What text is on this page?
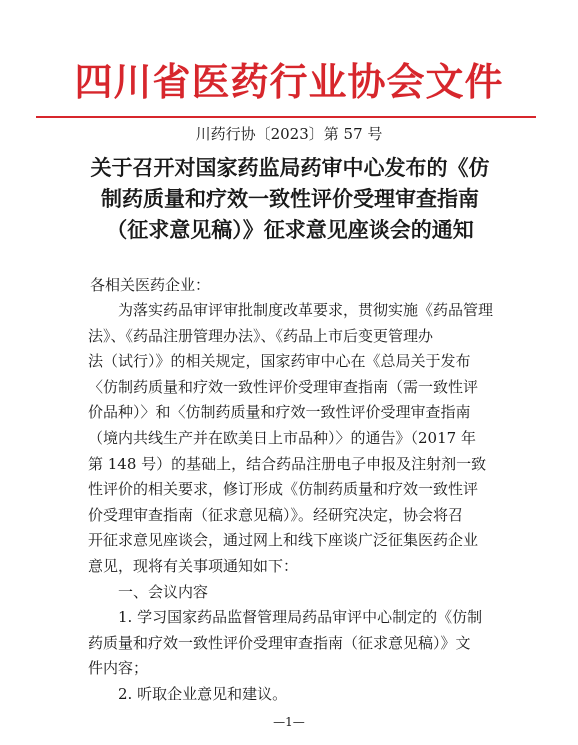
四川省医药行业协会文件
川药行协〔2023〕第 57 号
关于召开对国家药监局药审中心发布的《仿
制药质量和疗效一致性评价受理审查指南
（征求意见稿）》征求意见座谈会的通知
各相关医药企业：
为落实药品审评审批制度改革要求，贯彻实施《药品管理
法》、《药品注册管理办法》、《药品上市后变更管理办
法（试行）》的相关规定，国家药审中心在《总局关于发布
〈仿制药质量和疗效一致性评价受理审查指南（需一致性评
价品种）〉和〈仿制药质量和疗效一致性评价受理审查指南
（境内共线生产并在欧美日上市品种）〉的通告》（2017 年
第 148 号）的基础上，结合药品注册电子申报及注射剂一致
性评价的相关要求，修订形成《仿制药质量和疗效一致性评
价受理审查指南（征求意见稿）》。经研究决定，协会将召
开征求意见座谈会，通过网上和线下座谈广泛征集医药企业
意见，现将有关事项通知如下：
一、会议内容
1. 学习国家药品监督管理局药品审评中心制定的《仿制
药质量和疗效一致性评价受理审查指南（征求意见稿）》文
件内容；
2. 听取企业意见和建议。
—1—
